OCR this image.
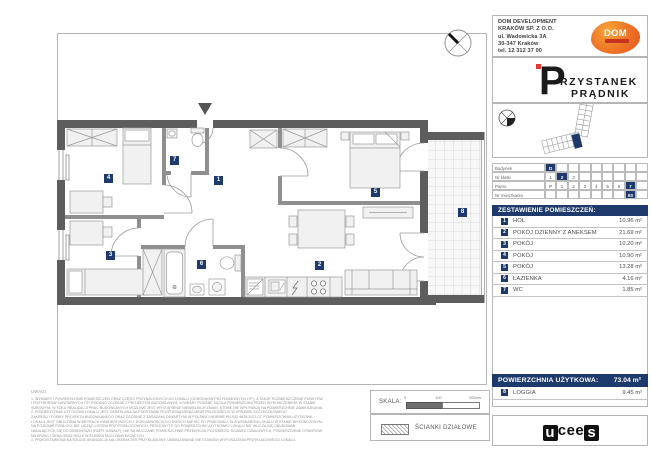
1
2
3
4
5
6
7
8
DOM DEVELOPMENT
KRAKÓW SP. Z O.O.
ul. Wadowicka 3A
30-347 Kraków
tel. 12 312 37 00
DOM
P
RZYSTANEK
PRĄDNIK
Budynek	D
Nr klatki	1	2	3
Piętro	P	1	2	3	4	5	6	7
Nr mieszkania	93
ZESTAWIENIE POMIESZCZEŃ:
1	HOL	10.96 m²
2	POKÓJ DZIENNY Z ANEKSEM	21.69 m²
3	POKÓJ	10.20 m²
4	POKÓJ	10.90 m²
5	POKÓJ	13.28 m²
6	ŁAZIENKA	4.16 m²
7	WC	1.85 m²
POWIERZCHNIA UŻYTKOWA: 73.04 m²
8	LOGGIA	9.45 m²
u cee s
UWAGI:
1. WYMIARY I POWIERZCHNIE POMIESZCZEŃ ORAZ CZĘŚCI PRZYNALEŻNYCH DO LOKALU (OGRÓDKÓW PRZYDOMOWYCH ITP.), A TAKŻE ROZMIESZCZENIE PUNKTÓW
I PRZYBORÓW SANITARNYCH ITP. PODANO ZGODNIE Z PROJEKTEM BUDOWLANYM. WYMIARY PODANE SĄ DLA POWIERZCHNI PRZED WYKOŃCZENIEM, W STANIE
SUROWYM. W TOKU REALIZACJI PRAC BUDOWLANYCH MOŻLIWE JEST WYSTĄPIENIE NIEWIELKICH ZMIAN, KTÓRE NIE WPŁYWAJĄ NA POWIERZCHNIE ZAMIESZKANIA.
2. POWIERZCHNIA UŻYTKOWA LOKALU JEST OKREŚLANA NA PODSTAWIE ROZPORZĄDZENIA MINISTRA ROZWOJU W SPRAWIE SZCZEGÓŁOWEGO
ZAKRESU I FORMY PROJEKTU BUDOWLANEGO ORAZ ZGODNIE Z ZASADAMI ZAWARTYMI W POLSKIEJ NORMIE PN-ISO 9836:2022-07. POWIERZCHNIA UŻYTKOWA
LOKALU JEST OBLICZANA W METRACH KWADRATOWYCH Z DOKŁADNOŚCIĄ DO DWÓCH MIEJSC PO PRZECINKU, DLA WYMIARÓW LOKALU W STANIE WYKOŃCZONYM,
NA POZIOMIE PODŁOGI, NIE LICZĄC LISTEW PRZYPODŁOGOWYCH, PROGÓW ITP. DO POWIERZCHNI UŻYTKOWEJ LOKALU NIE WLICZA SIĘ OBUDOWAŃ
NADAJĄCYCH SIĘ DO DEMONTAŻU (RURY, KANAŁY), NIE SĄ WLICZANE POWIERZCHNIE PRZEKROJU POZIOMEGO ŚCIANEK DZIAŁOWYCH, POWIERZCHNIE OTWORÓW
NA DRZWI I OKNA ORAZ NISZE W ELEMENTACH ZAMYKAJĄCYCH.
3. PRZEDSTAWIONA NA RZUCIE ARANŻACJA MA CHARAKTER PRZYKŁADOWY. UMEBLOWANIE NIE STANOWI WYPOSAŻENIA PRZYKŁADOWEGO LOKALU.
SKALA:
0	100	200cm
ŚCIANKI DZIAŁOWE
